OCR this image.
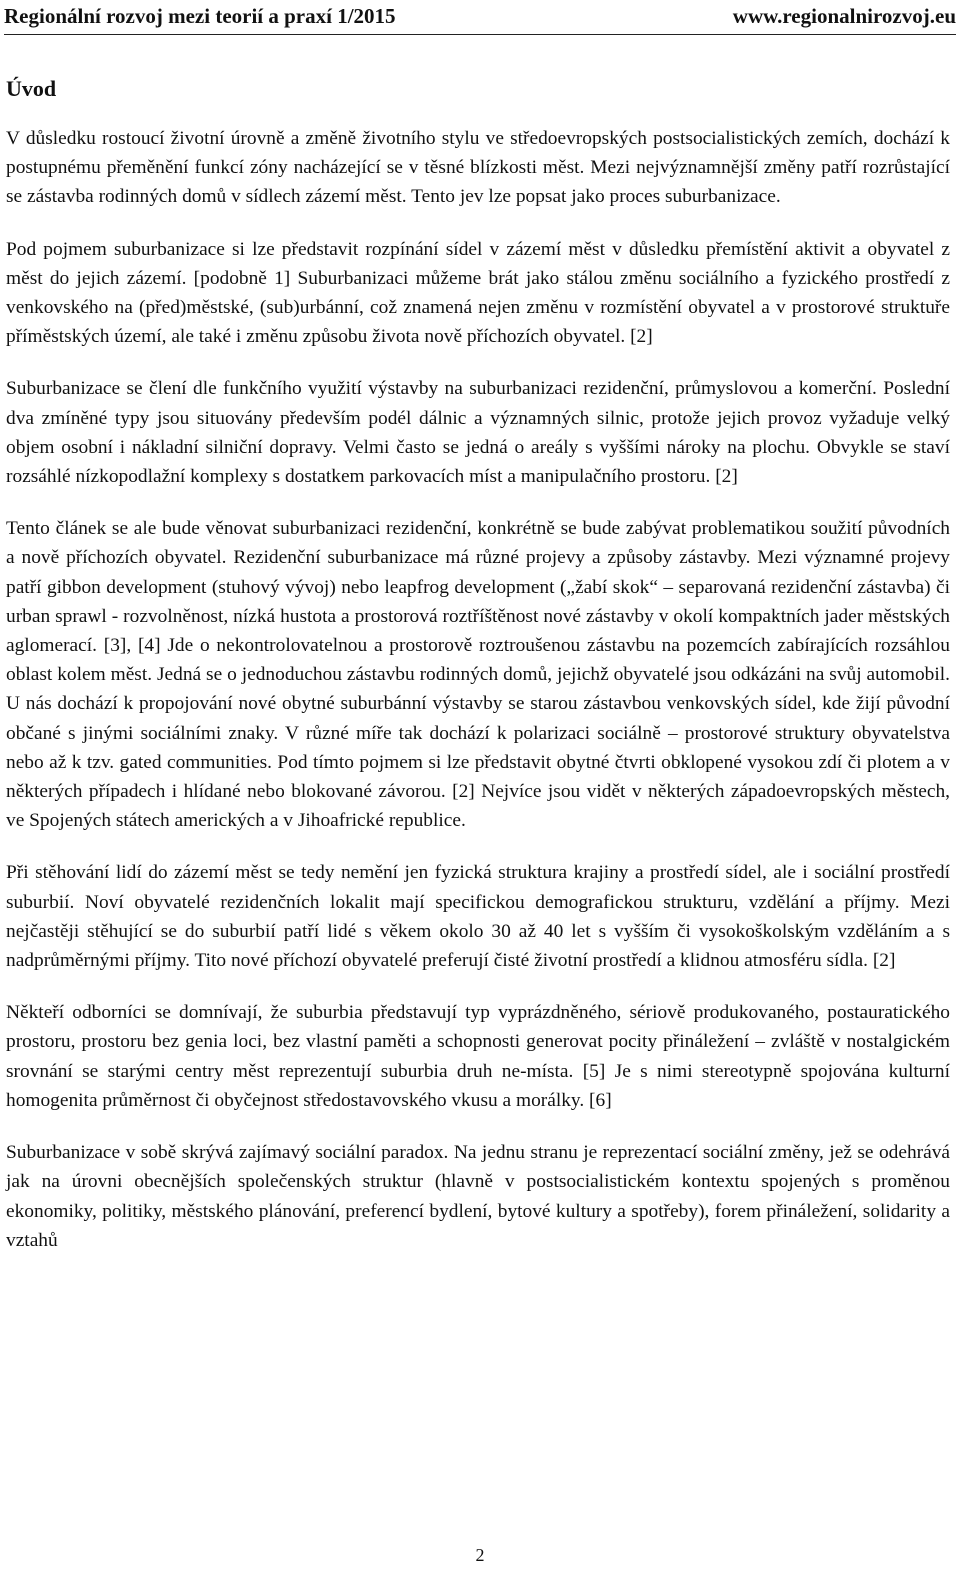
Regionální rozvoj mezi teorií a praxí 1/2015	www.regionalnirozvoj.eu
Úvod

V důsledku rostoucí životní úrovně a změně životního stylu ve středoevropských postsocialistických zemích, dochází k postupnému přeměnění funkcí zóny nacházející se v těsné blízkosti měst. Mezi nejvýznamnější změny patří rozrůstající se zástavba rodinných domů v sídlech zázemí měst. Tento jev lze popsat jako proces suburbanizace.

Pod pojmem suburbanizace si lze představit rozpínání sídel v zázemí měst v důsledku přemístění aktivit a obyvatel z měst do jejich zázemí. [podobně 1] Suburbanizaci můžeme brát jako stálou změnu sociálního a fyzického prostředí z venkovského na (před)městské, (sub)urbánní, což znamená nejen změnu v rozmístění obyvatel a v prostorové struktuře příměstských území, ale také i změnu způsobu života nově příchozích obyvatel. [2]

Suburbanizace se člení dle funkčního využití výstavby na suburbanizaci rezidenční, průmyslovou a komerční. Poslední dva zmíněné typy jsou situovány především podél dálnic a významných silnic, protože jejich provoz vyžaduje velký objem osobní i nákladní silniční dopravy. Velmi často se jedná o areály s vyššími nároky na plochu. Obvykle se staví rozsáhlé nízkopodlažní komplexy s dostatkem parkovacích míst a manipulačního prostoru. [2]

Tento článek se ale bude věnovat suburbanizaci rezidenční, konkrétně se bude zabývat problematikou soužití původních a nově příchozích obyvatel. Rezidenční suburbanizace má různé projevy a způsoby zástavby. Mezi významné projevy patří gibbon development (stuhový vývoj) nebo leapfrog development („žabí skok“ – separovaná rezidenční zástavba) či urban sprawl - rozvolněnost, nízká hustota a prostorová roztříštěnost nové zástavby v okolí kompaktních jader městských aglomerací. [3], [4] Jde o nekontrolovatelnou a prostorově roztroušenou zástavbu na pozemcích zabírajících rozsáhlou oblast kolem měst. Jedná se o jednoduchou zástavbu rodinných domů, jejichž obyvatelé jsou odkázáni na svůj automobil. U nás dochází k propojování nové obytné suburbánní výstavby se starou zástavbou venkovských sídel, kde žijí původní občané s jinými sociálními znaky. V různé míře tak dochází k polarizaci sociálně – prostorové struktury obyvatelstva nebo až k tzv. gated communities. Pod tímto pojmem si lze představit obytné čtvrti obklopené vysokou zdí či plotem a v některých případech i hlídané nebo blokované závorou. [2] Nejvíce jsou vidět v některých západoevropských městech, ve Spojených státech amerických a v Jihoafrické republice.

Při stěhování lidí do zázemí měst se tedy nemění jen fyzická struktura krajiny a prostředí sídel, ale i sociální prostředí suburbií. Noví obyvatelé rezidenčních lokalit mají specifickou demografickou strukturu, vzdělání a příjmy. Mezi nejčastěji stěhující se do suburbií patří lidé s věkem okolo 30 až 40 let s vyšším či vysokoškolským vzděláním a s nadprůměrnými příjmy. Tito nové příchozí obyvatelé preferují čisté životní prostředí a klidnou atmosféru sídla. [2]

Někteří odborníci se domnívají, že suburbia představují typ vyprázdněného, sériově produkovaného, postauratického prostoru, prostoru bez genia loci, bez vlastní paměti a schopnosti generovat pocity přináležení – zvláště v nostalgickém srovnání se starými centry měst reprezentují suburbia druh ne-místa. [5] Je s nimi stereotypně spojována kulturní homogenita průměrnost či obyčejnost středostavovského vkusu a morálky. [6]

Suburbanizace v sobě skrývá zajímavý sociální paradox. Na jednu stranu je reprezentací sociální změny, jež se odehrává jak na úrovni obecnějších společenských struktur (hlavně v postsocialistickém kontextu spojených s proměnou ekonomiky, politiky, městského plánování, preferencí bydlení, bytové kultury a spotřeby), forem přináležení, solidarity a vztahů

2
